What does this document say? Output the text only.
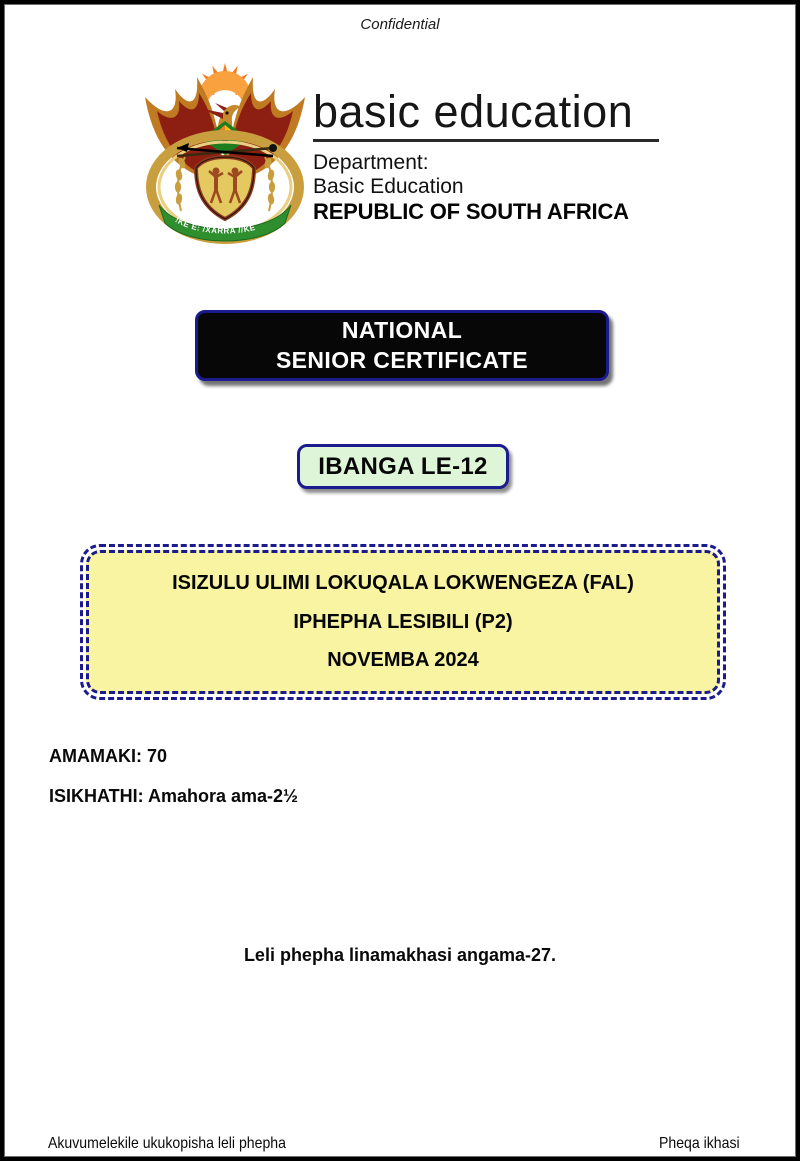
Confidential
!KE E: /XARRA //KE
basic education
Department:
Basic Education
REPUBLIC OF SOUTH AFRICA
NATIONAL
SENIOR CERTIFICATE
IBANGA LE-12
ISIZULU ULIMI LOKUQALA LOKWENGEZA (FAL)
IPHEPHA LESIBILI (P2)
NOVEMBA 2024
AMAMAKI: 70
ISIKHATHI: Amahora ama-2½
Leli phepha linamakhasi angama-27.
Akuvumelekile ukukopisha leli phepha	Pheqa ikhasi
